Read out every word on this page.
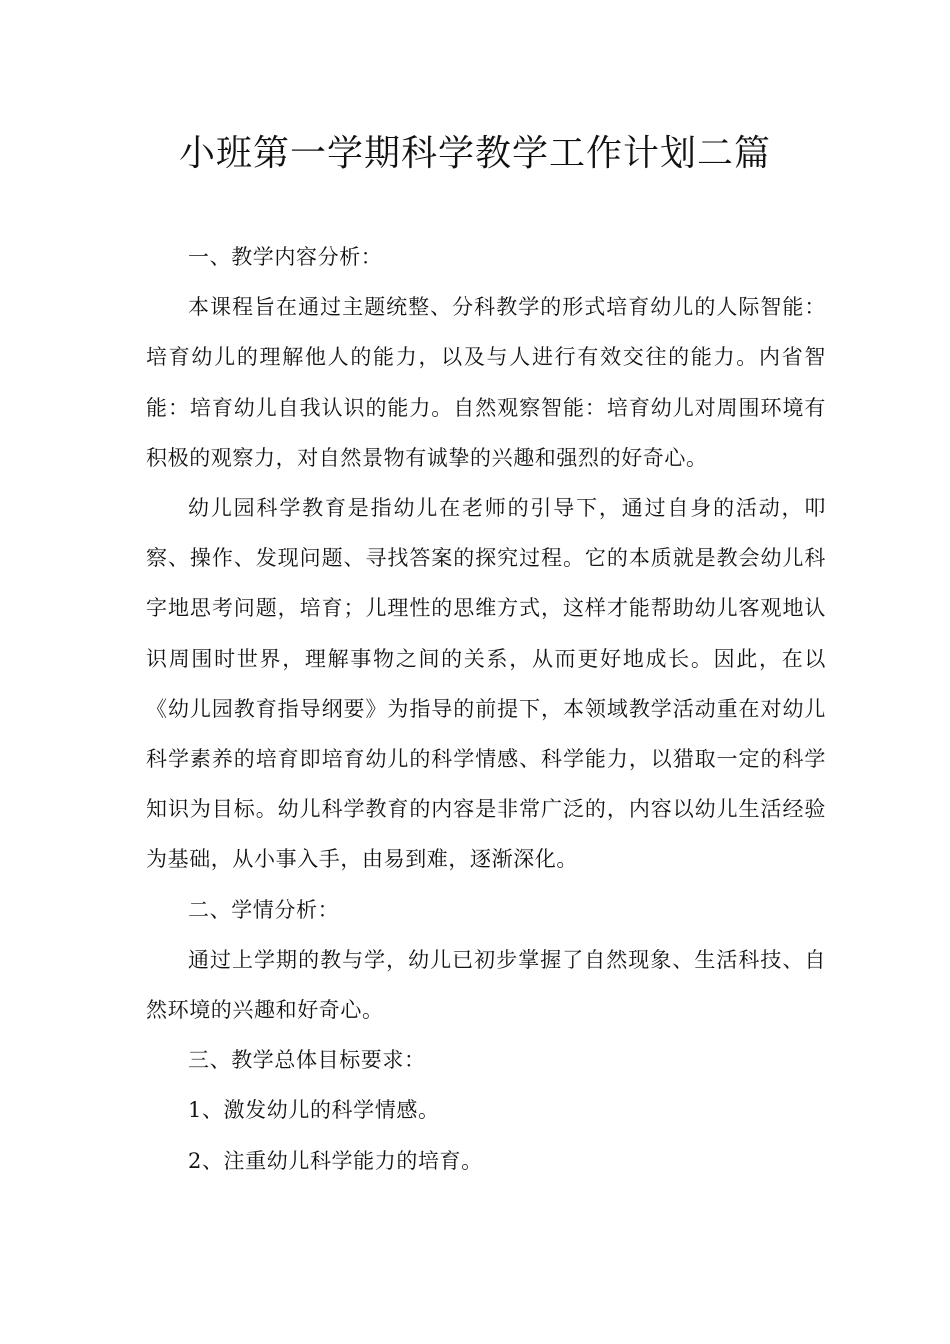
小班第一学期科学教学工作计划二篇

一、教学内容分析：

本课程旨在通过主题统整、分科教学的形式培育幼儿的人际智能：培育幼儿的理解他人的能力，以及与人进行有效交往的能力。内省智能：培育幼儿自我认识的能力。自然观察智能：培育幼儿对周围环境有积极的观察力，对自然景物有诚挚的兴趣和强烈的好奇心。

幼儿园科学教育是指幼儿在老师的引导下，通过自身的活动，叩察、操作、发现问题、寻找答案的探究过程。它的本质就是教会幼儿科字地思考问题，培育；儿理性的思维方式，这样才能帮助幼儿客观地认识周围时世界，理解事物之间的关系，从而更好地成长。因此，在以《幼儿园教育指导纲要》为指导的前提下，本领域教学活动重在对幼儿科学素养的培育即培育幼儿的科学情感、科学能力，以猎取一定的科学知识为目标。幼儿科学教育的内容是非常广泛的，内容以幼儿生活经验为基础，从小事入手，由易到难，逐渐深化。

二、学情分析：

通过上学期的教与学，幼儿已初步掌握了自然现象、生活科技、自然环境的兴趣和好奇心。

三、教学总体目标要求：

1、激发幼儿的科学情感。

2、注重幼儿科学能力的培育。
